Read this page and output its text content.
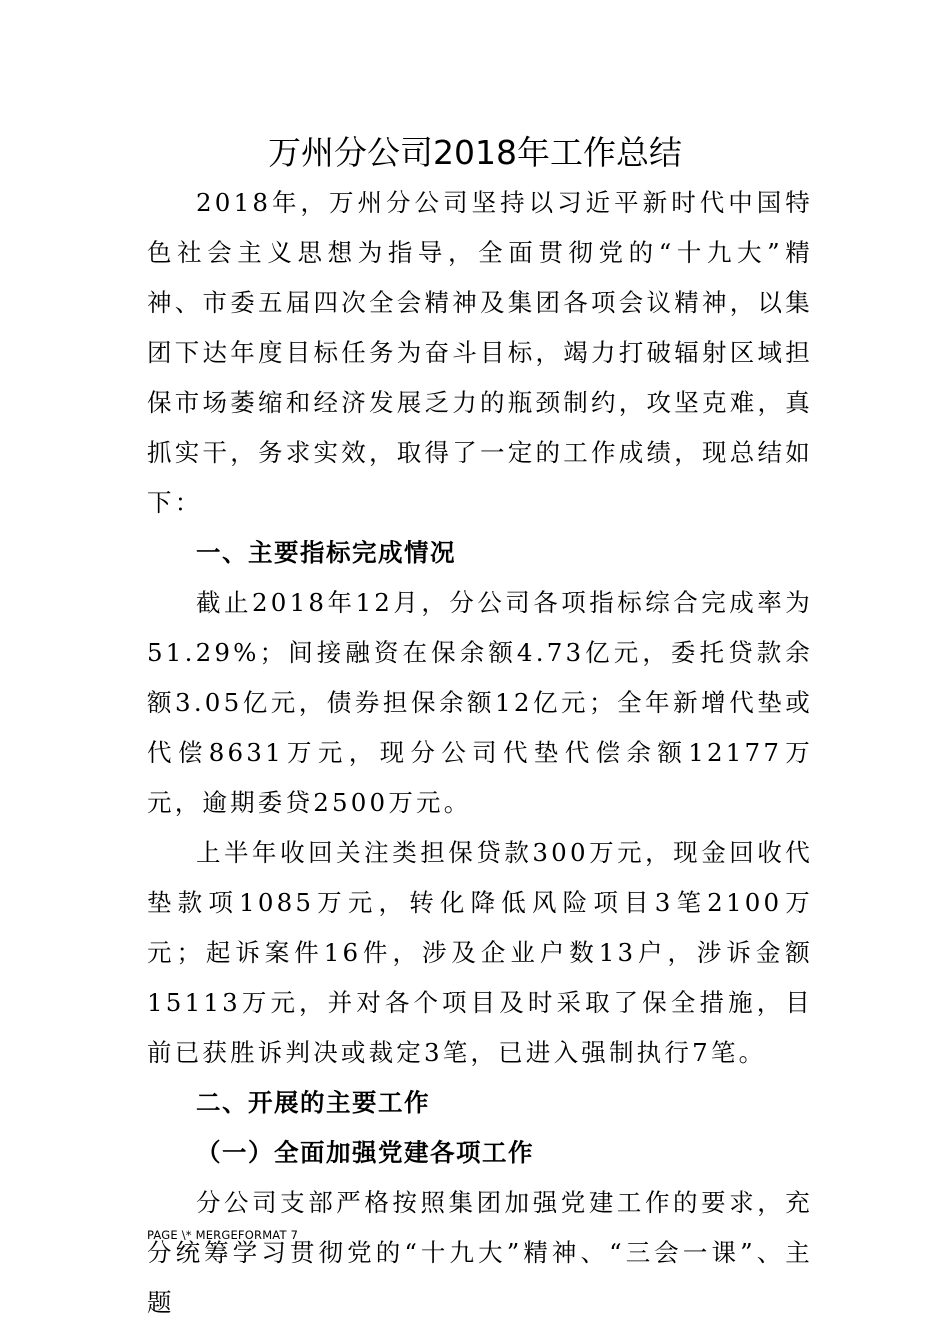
万州分公司2018年工作总结

2018年，万州分公司坚持以习近平新时代中国特色社会主义思想为指导，全面贯彻党的“十九大”精神、市委五届四次全会精神及集团各项会议精神，以集团下达年度目标任务为奋斗目标，竭力打破辐射区域担保市场萎缩和经济发展乏力的瓶颈制约，攻坚克难，真抓实干，务求实效，取得了一定的工作成绩，现总结如下：

一、主要指标完成情况

截止2018年12月，分公司各项指标综合完成率为51.29%；间接融资在保余额4.73亿元，委托贷款余额3.05亿元，债券担保余额12亿元；全年新增代垫或代偿8631万元，现分公司代垫代偿余额12177万元，逾期委贷2500万元。

上半年收回关注类担保贷款300万元，现金回收代垫款项1085万元，转化降低风险项目3笔2100万元；起诉案件16件，涉及企业户数13户，涉诉金额15113万元，并对各个项目及时采取了保全措施，目前已获胜诉判决或裁定3笔，已进入强制执行7笔。

二、开展的主要工作

（一）全面加强党建各项工作

分公司支部严格按照集团加强党建工作的要求，充分统筹学习贯彻党的“十九大”精神、“三会一课”、主题

PAGE \* MERGEFORMAT 7
